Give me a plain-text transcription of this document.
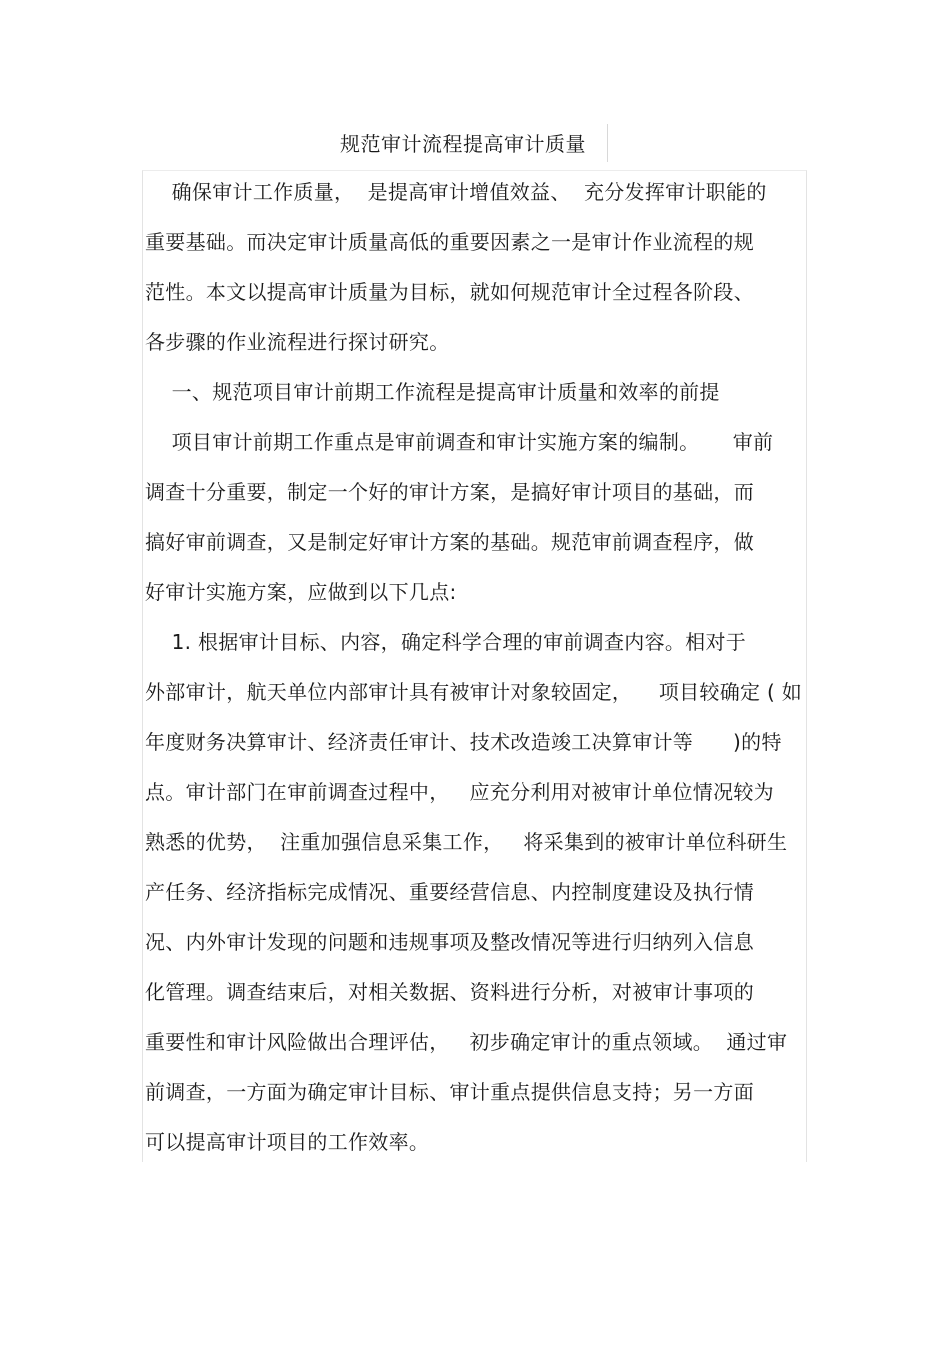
规范审计流程提高审计质量
确保审计工作质量，  是提高审计增值效益、  充分发挥审计职能的
重要基础。而决定审计质量高低的重要因素之一是审计作业流程的规
范性。本文以提高审计质量为目标，就如何规范审计全过程各阶段、
各步骤的作业流程进行探讨研究。
一、规范项目审计前期工作流程是提高审计质量和效率的前提
项目审计前期工作重点是审前调查和审计实施方案的编制。     审前
调查十分重要，制定一个好的审计方案，是搞好审计项目的基础，而
搞好审前调查，又是制定好审计方案的基础。规范审前调查程序，做
好审计实施方案，应做到以下几点:
1. 根据审计目标、内容，确定科学合理的审前调查内容。相对于
外部审计，航天单位内部审计具有被审计对象较固定，    项目较确定 ( 如
年度财务决算审计、经济责任审计、技术改造竣工决算审计等      )的特
点。审计部门在审前调查过程中，   应充分利用对被审计单位情况较为
熟悉的优势，  注重加强信息采集工作，   将采集到的被审计单位科研生
产任务、经济指标完成情况、重要经营信息、内控制度建设及执行情
况、内外审计发现的问题和违规事项及整改情况等进行归纳列入信息
化管理。调查结束后，对相关数据、资料进行分析，对被审计事项的
重要性和审计风险做出合理评估，   初步确定审计的重点领域。  通过审
前调查，一方面为确定审计目标、审计重点提供信息支持；另一方面
可以提高审计项目的工作效率。
